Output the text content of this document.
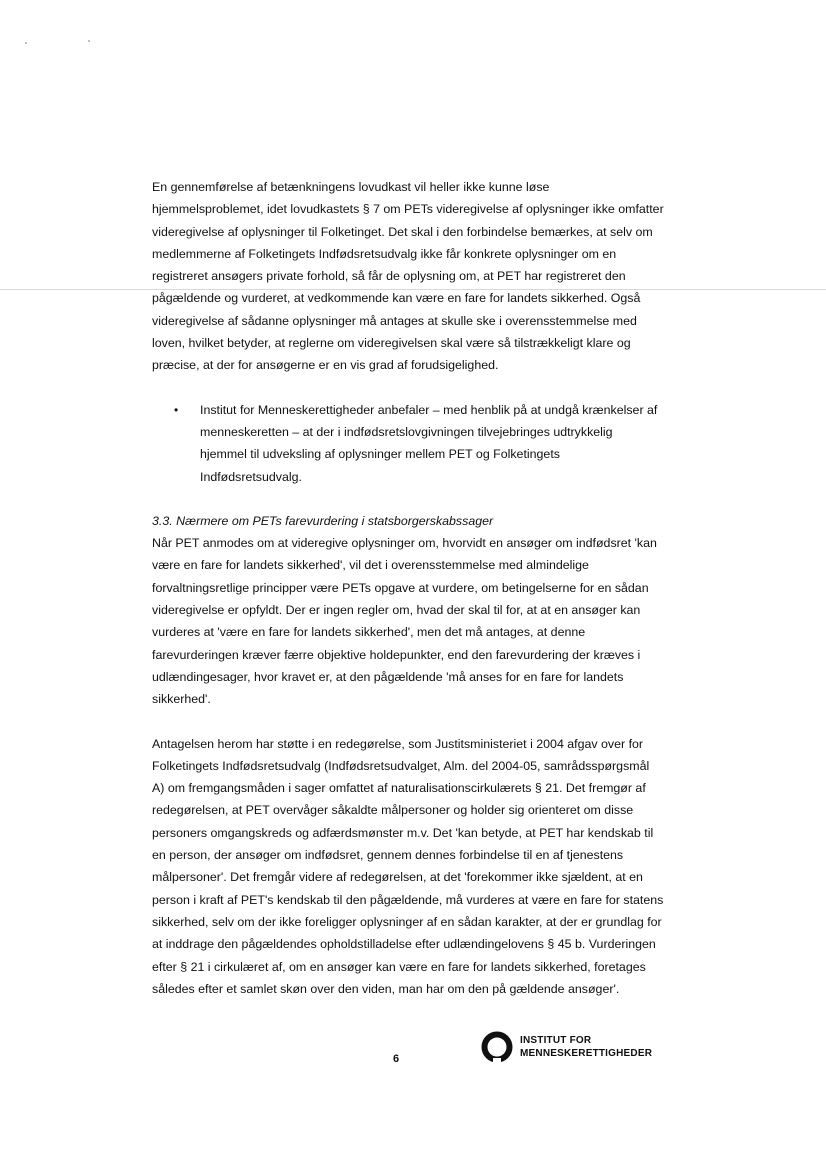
En gennemførelse af betænkningens lovudkast vil heller ikke kunne løse hjemmelsproblemet, idet lovudkastets § 7 om PETs videregivelse af oplysninger ikke omfatter videregivelse af oplysninger til Folketinget. Det skal i den forbindelse bemærkes, at selv om medlemmerne af Folketingets Indfødsretsudvalg ikke får konkrete oplysninger om en registreret ansøgers private forhold, så får de oplysning om, at PET har registreret den pågældende og vurderet, at vedkommende kan være en fare for landets sikkerhed. Også videregivelse af sådanne oplysninger må antages at skulle ske i overensstemmelse med loven, hvilket betyder, at reglerne om videregivelsen skal være så tilstrækkeligt klare og præcise, at der for ansøgerne er en vis grad af forudsigelighed.

•	Institut for Menneskerettigheder anbefaler – med henblik på at undgå krænkelser af menneskeretten – at der i indfødsretslovgivningen tilvejebringes udtrykkelig hjemmel til udveksling af oplysninger mellem PET og Folketingets Indfødsretsudvalg.

3.3. Nærmere om PETs farevurdering i statsborgerskabssager

Når PET anmodes om at videregive oplysninger om, hvorvidt en ansøger om indfødsret 'kan være en fare for landets sikkerhed', vil det i overensstemmelse med almindelige forvaltningsretlige principper være PETs opgave at vurdere, om betingelserne for en sådan videregivelse er opfyldt. Der er ingen regler om, hvad der skal til for, at at en ansøger kan vurderes at 'være en fare for landets sikkerhed', men det må antages, at denne farevurderingen kræver færre objektive holdepunkter, end den farevurdering der kræves i udlændingesager, hvor kravet er, at den pågældende 'må anses for en fare for landets sikkerhed'.

Antagelsen herom har støtte i en redegørelse, som Justitsministeriet i 2004 afgav over for Folketingets Indfødsretsudvalg (Indfødsretsudvalget, Alm. del 2004-05, samrådsspørgsmål A) om fremgangsmåden i sager omfattet af naturalisationscirkulærets § 21. Det fremgør af redegørelsen, at PET overvåger såkaldte målpersoner og holder sig orienteret om disse personers omgangskreds og adfærdsmønster m.v. Det 'kan betyde, at PET har kendskab til en person, der ansøger om indfødsret, gennem dennes forbindelse til en af tjenestens målpersoner'. Det fremgår videre af redegørelsen, at det 'forekommer ikke sjældent, at en person i kraft af PET's kendskab til den pågældende, må vurderes at være en fare for statens sikkerhed, selv om der ikke foreligger oplysninger af en sådan karakter, at der er grundlag for at inddrage den pågældendes opholdstilladelse efter udlændingelovens § 45 b. Vurderingen efter § 21 i cirkulæret af, om en ansøger kan være en fare for landets sikkerhed, foretages således efter et samlet skøn over den viden, man har om den på gældende ansøger'.

6
INSTITUT FOR
MENNESKERETTIGHEDER
